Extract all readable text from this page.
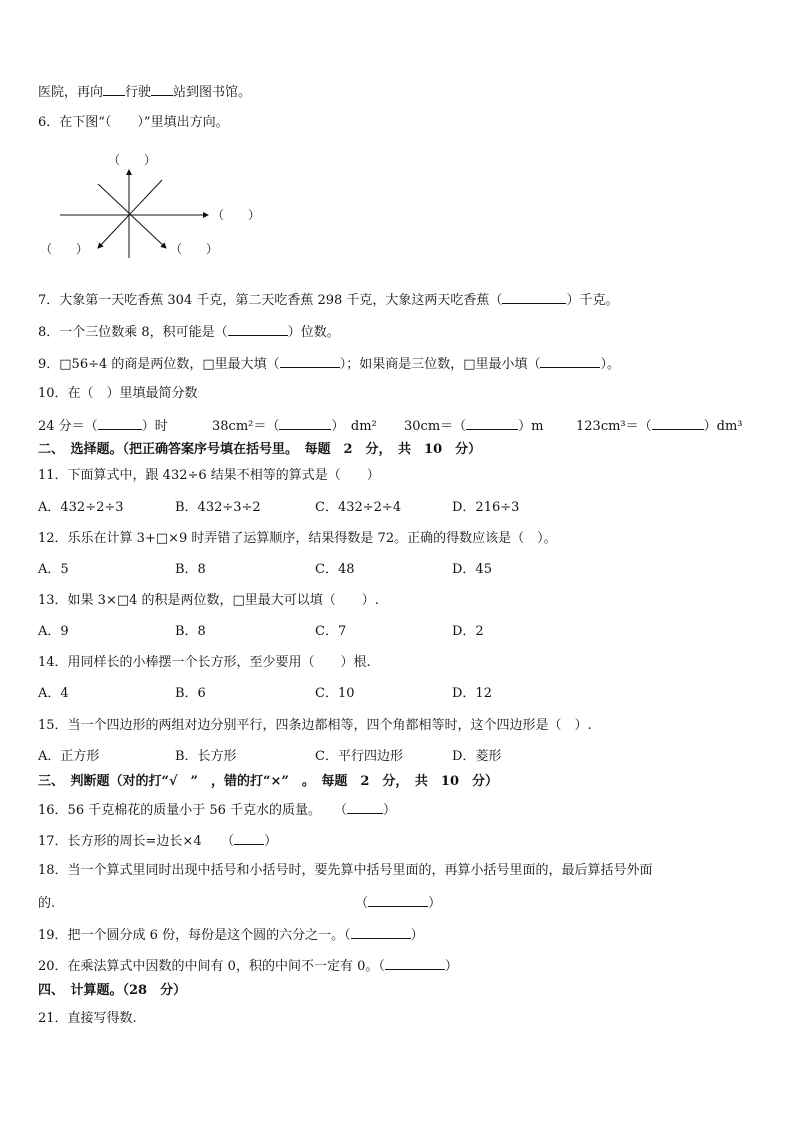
医院，再向 行驶 站到图书馆。
6．在下图“（　　）”里填出方向。
（　　）
（　　）
（　　）	（　　）
7．大象第一天吃香蕉 304 千克，第二天吃香蕉 298 千克，大象这两天吃香蕉（	）千克。
8．一个三位数乘 8，积可能是（	）位数。
9．□56÷4 的商是两位数，□里最大填（	）；如果商是三位数，□里最小填（	）。
10．在（　）里填最简分数
24 分＝（	）时	38cm²＝（	）　dm² 30cm＝（	）m	123cm³＝（	）dm³
二、　选择题。（把正确答案序号填在括号里。　每题　2　分，　共　10　分）
11．下面算式中，跟 432÷6 结果不相等的算式是（　　）
A．432÷2÷3	B．432÷3÷2	C．432÷2÷4	D．216÷3
12．乐乐在计算 3+□×9 时弄错了运算顺序，结果得数是 72。正确的得数应该是（　）。
A．5	B．8	C．48	D．45
13．如果 3×□4 的积是两位数，□里最大可以填（　　）.
A．9	B．8	C．7	D．2
14．用同样长的小棒摆一个长方形，至少要用（　　）根.
A．4	B．6	C．10	D．12
15．当一个四边形的两组对边分别平行，四条边都相等，四个角都相等时，这个四边形是（　）.
A．正方形	B．长方形	C．平行四边形	D．菱形
三、　判断题（对的打“√　”　，错的打“×”　。　每题　2　分，　共　10　分）
16．56 千克棉花的质量小于 56 千克水的质量。　　（	）
17．长方形的周长=边长×4　　（ ）
18．当一个算式里同时出现中括号和小括号时，要先算中括号里面的，再算小括号里面的，最后算括号外面
的.	（	）
19．把一个圆分成 6 份，每份是这个圆的六分之一。（	）
20．在乘法算式中因数的中间有 0，积的中间不一定有 0。（	）
四、　计算题。（28　分）
21．直接写得数.
